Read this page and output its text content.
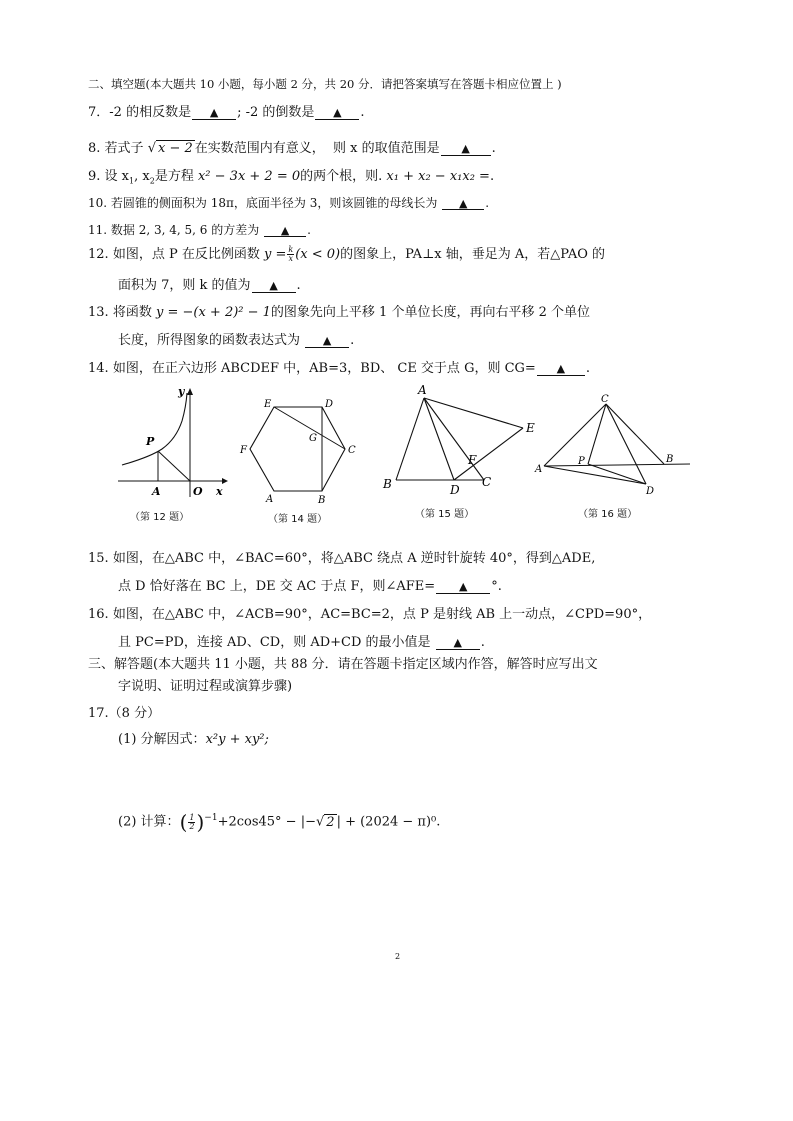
二、填空题(本大题共 10 小题，每小题 2 分，共 20 分．请把答案填写在答题卡相应位置上 )
7．-2 的相反数是 ▲ ; -2 的倒数是 ▲ .
8. 若式子 √ x − 2 在实数范围内有意义， 则 x 的取值范围是 ▲ .
9. 设 $x_1$, $x_2$是方程 x² − 3x + 2 = 0的两个根，则. x₁ + x₂ − x₁x₂ =.
10. 若圆锥的侧面积为 18π，底面半径为 3，则该圆锥的母线长为 ▲ .
11. 数据 2, 3, 4, 5, 6 的方差为 ▲ .
12. 如图，点 P 在反比例函数 $y = \frac{k}{x} (x < 0)$的图象上，PA⊥x 轴，垂足为 A，若△PAO 的
面积为 7，则 k 的值为 ▲ .
13. 将函数 y = −(x + 2)² − 1的图象先向上平移 1 个单位长度，再向右平移 2 个单位
长度，所得图象的函数表达式为 ▲ .
14. 如图，在正六边形 ABCDEF 中，AB=3，BD、 CE 交于点 G，则 CG= ▲ .
y
P
A	O x
（第 12 题）
E	D
C
F
G
A	B
（第 14 题）
A
B	D
C
F
E
（第 15 题）
C
A
P	B
D
（第 16 题）
15. 如图，在△ABC 中，∠BAC=60°，将△ABC 绕点 A 逆时针旋转 40°，得到△ADE,
点 D 恰好落在 BC 上，DE 交 AC 于点 F，则∠AFE= ▲ °.
16. 如图，在△ABC 中，∠ACB=90°，AC=BC=2，点 P 是射线 AB 上一动点，∠CPD=90°，
且 PC=PD，连接 AD、CD，则 AD+CD 的最小值是 ▲ .
三、解答题(本大题共 11 小题，共 88 分．请在答题卡指定区域内作答，解答时应写出文
字说明、证明过程或演算步骤)
17.（8 分）
(1) 分解因式：x²y + xy²;
(2) 计算：( $\frac{1}{2} )^{-1}+2\cos 45^\circ$ − |−√ 2 | + (2024 − π)⁰.
2
